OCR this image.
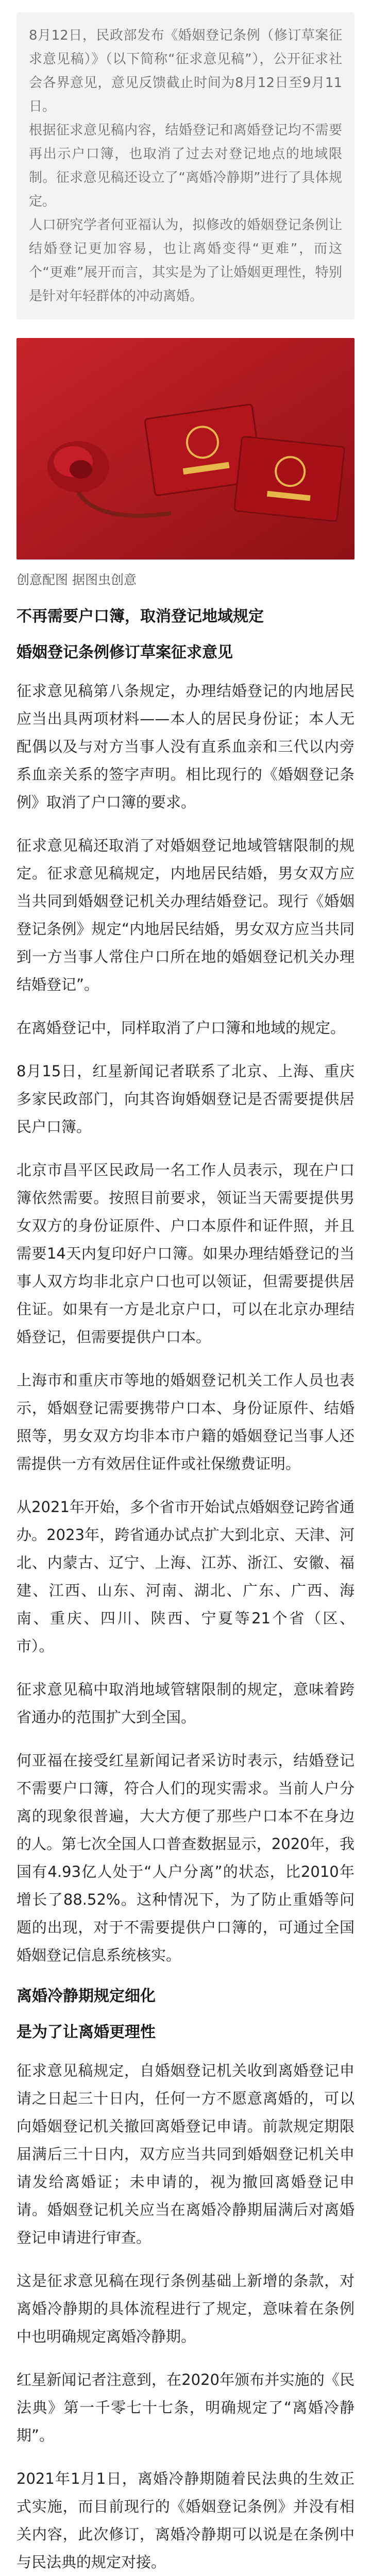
8月12日，民政部发布《婚姻登记条例（修订草案征求意见稿）》（以下简称“征求意见稿”），公开征求社会各界意见，意见反馈截止时间为8月12日至9月11日。

根据征求意见稿内容，结婚登记和离婚登记均不需要再出示户口簿，也取消了过去对登记地点的地域限制。征求意见稿还设立了“离婚冷静期”进行了具体规定。

人口研究学者何亚福认为，拟修改的婚姻登记条例让结婚登记更加容易，也让离婚变得“更难”，而这个“更难”展开而言，其实是为了让婚姻更理性，特别是针对年轻群体的冲动离婚。

创意配图 据图虫创意
不再需要户口簿，取消登记地域规定
婚姻登记条例修订草案征求意见

征求意见稿第八条规定，办理结婚登记的内地居民应当出具两项材料——本人的居民身份证；本人无配偶以及与对方当事人没有直系血亲和三代以内旁系血亲关系的签字声明。相比现行的《婚姻登记条例》取消了户口簿的要求。

征求意见稿还取消了对婚姻登记地域管辖限制的规定。征求意见稿规定，内地居民结婚，男女双方应当共同到婚姻登记机关办理结婚登记。现行《婚姻登记条例》规定“内地居民结婚，男女双方应当共同到一方当事人常住户口所在地的婚姻登记机关办理结婚登记”。

在离婚登记中，同样取消了户口簿和地域的规定。

8月15日，红星新闻记者联系了北京、上海、重庆多家民政部门，向其咨询婚姻登记是否需要提供居民户口簿。

北京市昌平区民政局一名工作人员表示，现在户口簿依然需要。按照目前要求，领证当天需要提供男女双方的身份证原件、户口本原件和证件照，并且需要14天内复印好户口簿。如果办理结婚登记的当事人双方均非北京户口也可以领证，但需要提供居住证。如果有一方是北京户口，可以在北京办理结婚登记，但需要提供户口本。

上海市和重庆市等地的婚姻登记机关工作人员也表示，婚姻登记需要携带户口本、身份证原件、结婚照等，男女双方均非本市户籍的婚姻登记当事人还需提供一方有效居住证件或社保缴费证明。

从2021年开始，多个省市开始试点婚姻登记跨省通办。2023年，跨省通办试点扩大到北京、天津、河北、内蒙古、辽宁、上海、江苏、浙江、安徽、福建、江西、山东、河南、湖北、广东、广西、海南、重庆、四川、陕西、宁夏等21个省（区、市）。

征求意见稿中取消地域管辖限制的规定，意味着跨省通办的范围扩大到全国。

何亚福在接受红星新闻记者采访时表示，结婚登记不需要户口簿，符合人们的现实需求。当前人户分离的现象很普遍，大大方便了那些户口本不在身边的人。第七次全国人口普查数据显示，2020年，我国有4.93亿人处于“人户分离”的状态，比2010年增长了88.52%。这种情况下，为了防止重婚等问题的出现，对于不需要提供户口簿的，可通过全国婚姻登记信息系统核实。

离婚冷静期规定细化
是为了让离婚更理性

征求意见稿规定，自婚姻登记机关收到离婚登记申请之日起三十日内，任何一方不愿意离婚的，可以向婚姻登记机关撤回离婚登记申请。前款规定期限届满后三十日内，双方应当共同到婚姻登记机关申请发给离婚证；未申请的，视为撤回离婚登记申请。婚姻登记机关应当在离婚冷静期届满后对离婚登记申请进行审查。

这是征求意见稿在现行条例基础上新增的条款，对离婚冷静期的具体流程进行了规定，意味着在条例中也明确规定离婚冷静期。

红星新闻记者注意到，在2020年颁布并实施的《民法典》第一千零七十七条，明确规定了“离婚冷静期”。

2021年1月1日，离婚冷静期随着民法典的生效正式实施，而目前现行的《婚姻登记条例》并没有相关内容，此次修订，离婚冷静期可以说是在条例中与民法典的规定对接。
